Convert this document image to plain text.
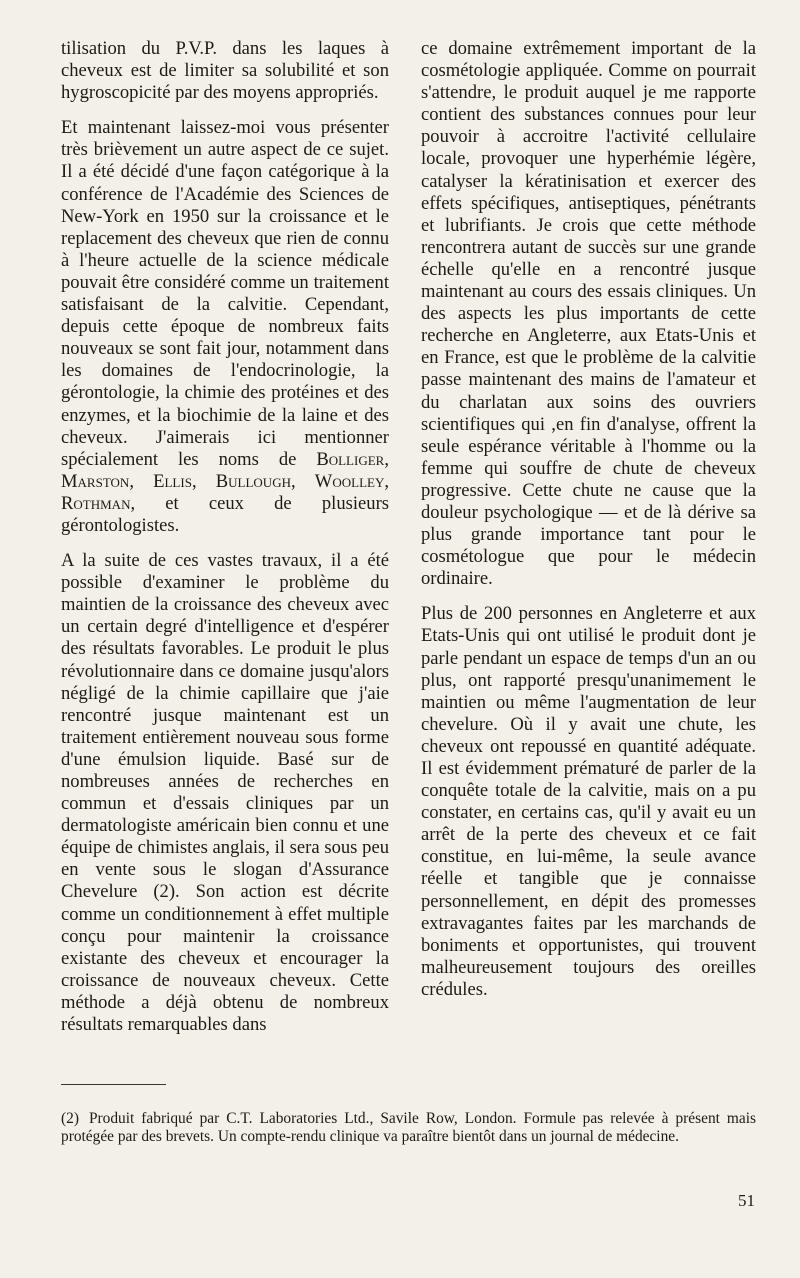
tilisation du P.V.P. dans les laques à cheveux est de limiter sa solubilité et son hygroscopicité par des moyens appropriés.

Et maintenant laissez-moi vous présenter très brièvement un autre aspect de ce sujet. Il a été décidé d'une façon catégorique à la conférence de l'Académie des Sciences de New-York en 1950 sur la croissance et le replacement des cheveux que rien de connu à l'heure actuelle de la science médicale pouvait être considéré comme un traitement satisfaisant de la calvitie. Cependant, depuis cette époque de nombreux faits nouveaux se sont fait jour, notamment dans les domaines de l'endocrinologie, la gérontologie, la chimie des protéines et des enzymes, et la biochimie de la laine et des cheveux. J'aimerais ici mentionner spécialement les noms de Bolliger, Marston, Ellis, Bullough, Woolley, Rothman, et ceux de plusieurs gérontologistes.

A la suite de ces vastes travaux, il a été possible d'examiner le problème du maintien de la croissance des cheveux avec un certain degré d'intelligence et d'espérer des résultats favorables. Le produit le plus révolutionnaire dans ce domaine jusqu'alors négligé de la chimie capillaire que j'aie rencontré jusque maintenant est un traitement entièrement nouveau sous forme d'une émulsion liquide. Basé sur de nombreuses années de recherches en commun et d'essais cliniques par un dermatologiste américain bien connu et une équipe de chimistes anglais, il sera sous peu en vente sous le slogan d'Assurance Chevelure (2). Son action est décrite comme un conditionnement à effet multiple conçu pour maintenir la croissance existante des cheveux et encourager la croissance de nouveaux cheveux. Cette méthode a déjà obtenu de nombreux résultats remarquables dans

ce domaine extrêmement important de la cosmétologie appliquée. Comme on pourrait s'attendre, le produit auquel je me rapporte contient des substances connues pour leur pouvoir à accroitre l'activité cellulaire locale, provoquer une hyperhémie légère, catalyser la kératinisation et exercer des effets spécifiques, antiseptiques, pénétrants et lubrifiants. Je crois que cette méthode rencontrera autant de succès sur une grande échelle qu'elle en a rencontré jusque maintenant au cours des essais cliniques. Un des aspects les plus importants de cette recherche en Angleterre, aux Etats-Unis et en France, est que le problème de la calvitie passe maintenant des mains de l'amateur et du charlatan aux soins des ouvriers scientifiques qui ,en fin d'analyse, offrent la seule espérance véritable à l'homme ou la femme qui souffre de chute de cheveux progressive. Cette chute ne cause que la douleur psychologique — et de là dérive sa plus grande importance tant pour le cosmétologue que pour le médecin ordinaire.

Plus de 200 personnes en Angleterre et aux Etats-Unis qui ont utilisé le produit dont je parle pendant un espace de temps d'un an ou plus, ont rapporté presqu'unanimement le maintien ou même l'augmentation de leur chevelure. Où il y avait une chute, les cheveux ont repoussé en quantité adéquate. Il est évidemment prématuré de parler de la conquête totale de la calvitie, mais on a pu constater, en certains cas, qu'il y avait eu un arrêt de la perte des cheveux et ce fait constitue, en lui-même, la seule avance réelle et tangible que je connaisse personnellement, en dépit des promesses extravagantes faites par les marchands de boniments et opportunistes, qui trouvent malheureusement toujours des oreilles crédules.

(2) Produit fabriqué par C.T. Laboratories Ltd., Savile Row, London. Formule pas relevée à présent mais protégée par des brevets. Un compte-rendu clinique va paraître bientôt dans un journal de médecine.
51
